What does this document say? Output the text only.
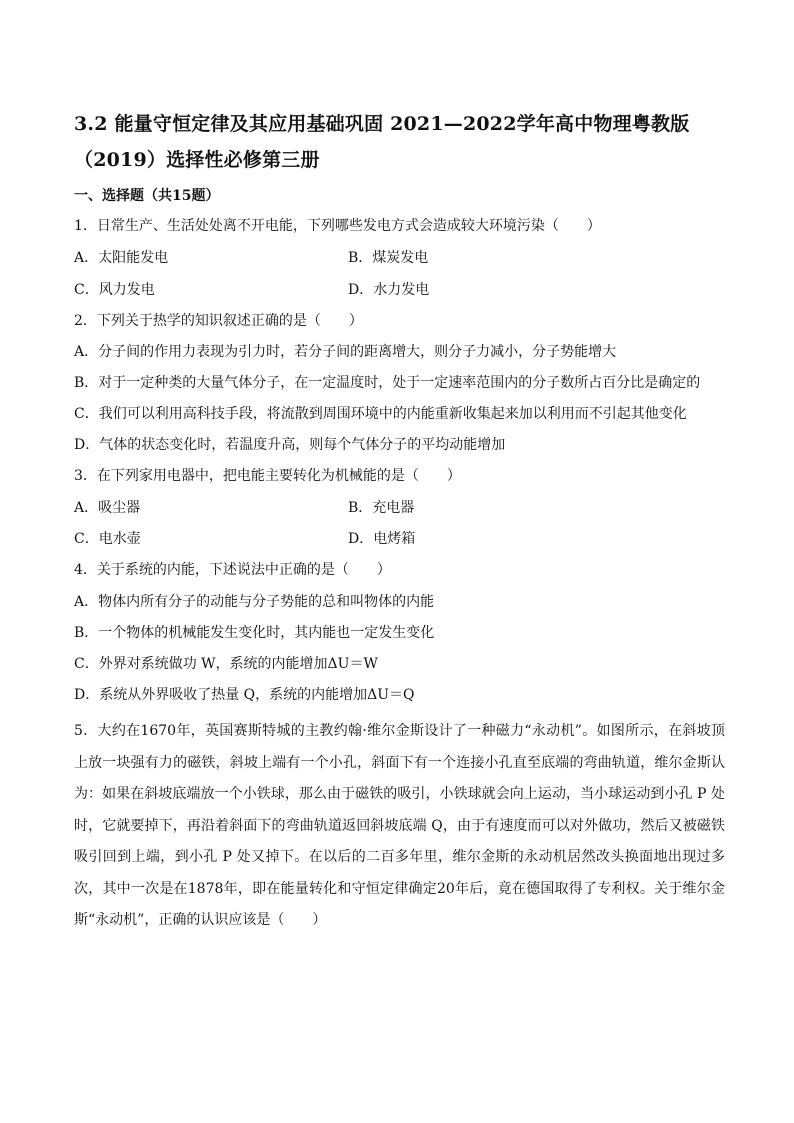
3.2 能量守恒定律及其应用基础巩固 2021—2022学年高中物理粤教版（2019）选择性必修第三册
一、选择题（共15题）
1．日常生产、生活处处离不开电能，下列哪些发电方式会造成较大环境污染（　　）
A．太阳能发电	B．煤炭发电
C．风力发电	D．水力发电
2．下列关于热学的知识叙述正确的是（　　）
A．分子间的作用力表现为引力时，若分子间的距离增大，则分子力减小，分子势能增大
B．对于一定种类的大量气体分子，在一定温度时，处于一定速率范围内的分子数所占百分比是确定的
C．我们可以利用高科技手段，将流散到周围环境中的内能重新收集起来加以利用而不引起其他变化
D．气体的状态变化时，若温度升高，则每个气体分子的平均动能增加
3．在下列家用电器中，把电能主要转化为机械能的是（　　）
A．吸尘器	B．充电器
C．电水壶	D．电烤箱
4．关于系统的内能，下述说法中正确的是（　　）
A．物体内所有分子的动能与分子势能的总和叫物体的内能
B．一个物体的机械能发生变化时，其内能也一定发生变化
C．外界对系统做功 W，系统的内能增加ΔU＝W
D．系统从外界吸收了热量 Q，系统的内能增加ΔU＝Q
5．大约在1670年，英国赛斯特城的主教约翰·维尔金斯设计了一种磁力“永动机”。如图所示，在斜坡顶上放一块强有力的磁铁，斜坡上端有一个小孔，斜面下有一个连接小孔直至底端的弯曲轨道，维尔金斯认为：如果在斜坡底端放一个小铁球，那么由于磁铁的吸引，小铁球就会向上运动，当小球运动到小孔 P 处时，它就要掉下，再沿着斜面下的弯曲轨道返回斜坡底端 Q，由于有速度而可以对外做功，然后又被磁铁吸引回到上端，到小孔 P 处又掉下。在以后的二百多年里，维尔金斯的永动机居然改头换面地出现过多次，其中一次是在1878年，即在能量转化和守恒定律确定20年后，竟在德国取得了专利权。关于维尔金斯“永动机”，正确的认识应该是（　　）
